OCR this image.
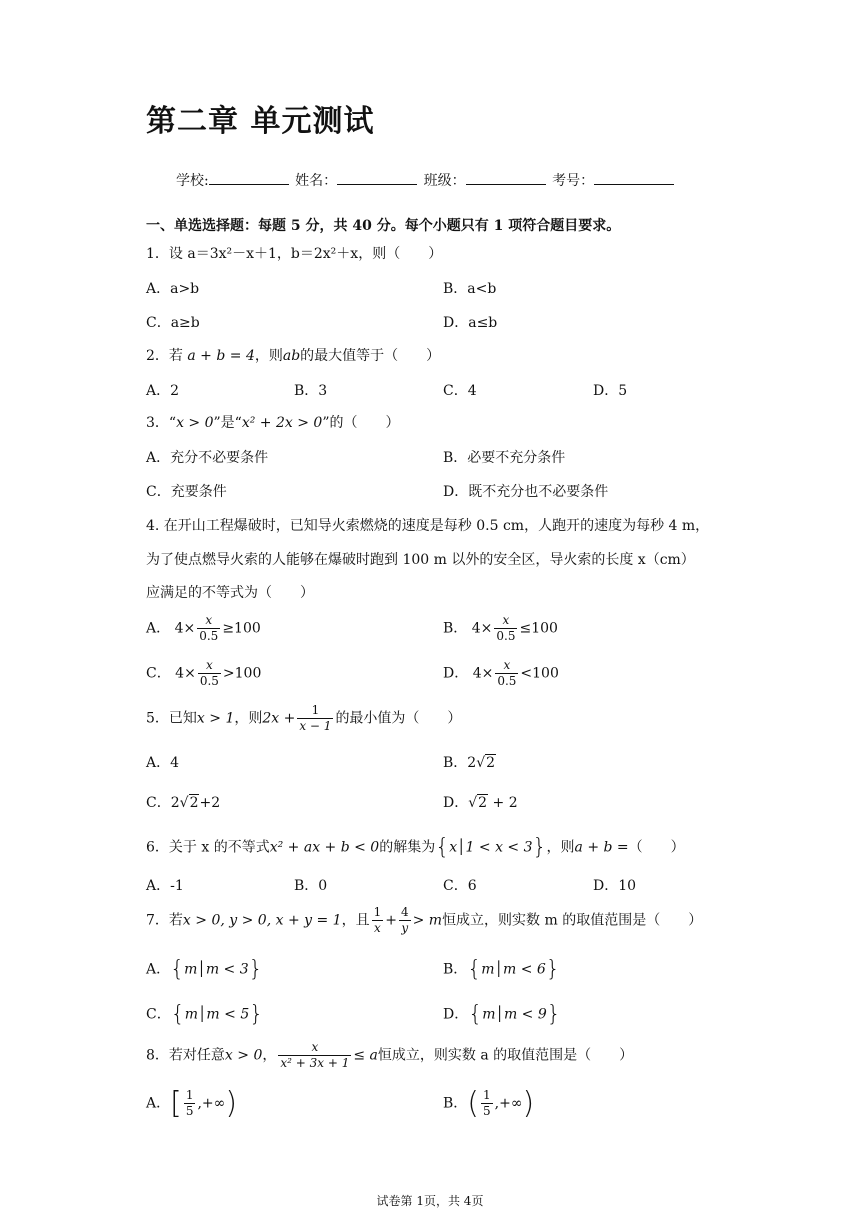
第二章 单元测试
学校:	姓名：	班级：	考号：
一、单选选择题：每题 5 分，共 40 分。每个小题只有 1 项符合题目要求。
1．设 a＝3x²－x＋1，b＝2x²＋x，则（　　）
A．a>b	B．a<b
C．a≥b	D．a≤b
2．若 a + b = 4，则ab的最大值等于（　　）
A．2	B．3	C．4	D．5
3．“x > 0”是“x² + 2x > 0”的（　　）
A．充分不必要条件	B．必要不充分条件
C．充要条件	D．既不充分也不必要条件
4. 在开山工程爆破时，已知导火索燃烧的速度是每秒 0.5 cm，人跑开的速度为每秒 4 m，
为了使点燃导火索的人能够在爆破时跑到 100 m 以外的安全区，导火索的长度 x（cm）
应满足的不等式为（　　）
A． $4\times \frac{x}{0.5} \ge 100$	B． $4\times \frac{x}{0.5} \le 100$
C． $4\times \frac{x}{0.5} >100$	D． $4\times \frac{x}{0.5} <100$
5．已知x > 1，则$2x + \frac{1}{x - 1}$ 的最小值为（　　）
A．4	B．2√2
C．2√2+2	D．√2 + 2
6．关于 x 的不等式x² + ax + b < 0的解集为{x│1 < x < 3}，则a + b =（　　）
A．-1	B．0	C．6	D．10
7．若x > 0, y > 0, x + y = 1，且 $\frac{1}{x} + \frac{4}{y} > m$恒成立，则实数 m 的取值范围是（　　）
A．{m│m < 3}	B．{m│m < 6}
C．{m│m < 5}	D．{m│m < 9}
8．若对任意x > 0， $\frac{x}{\text{x² + 3x + 1}} \le a$恒成立，则实数 a 的取值范围是（　　）
A．[ $\frac{1}{5}$ ,+∞)	B．( $\frac{1}{5}$ ,+∞)
试卷第 1页，共 4页
